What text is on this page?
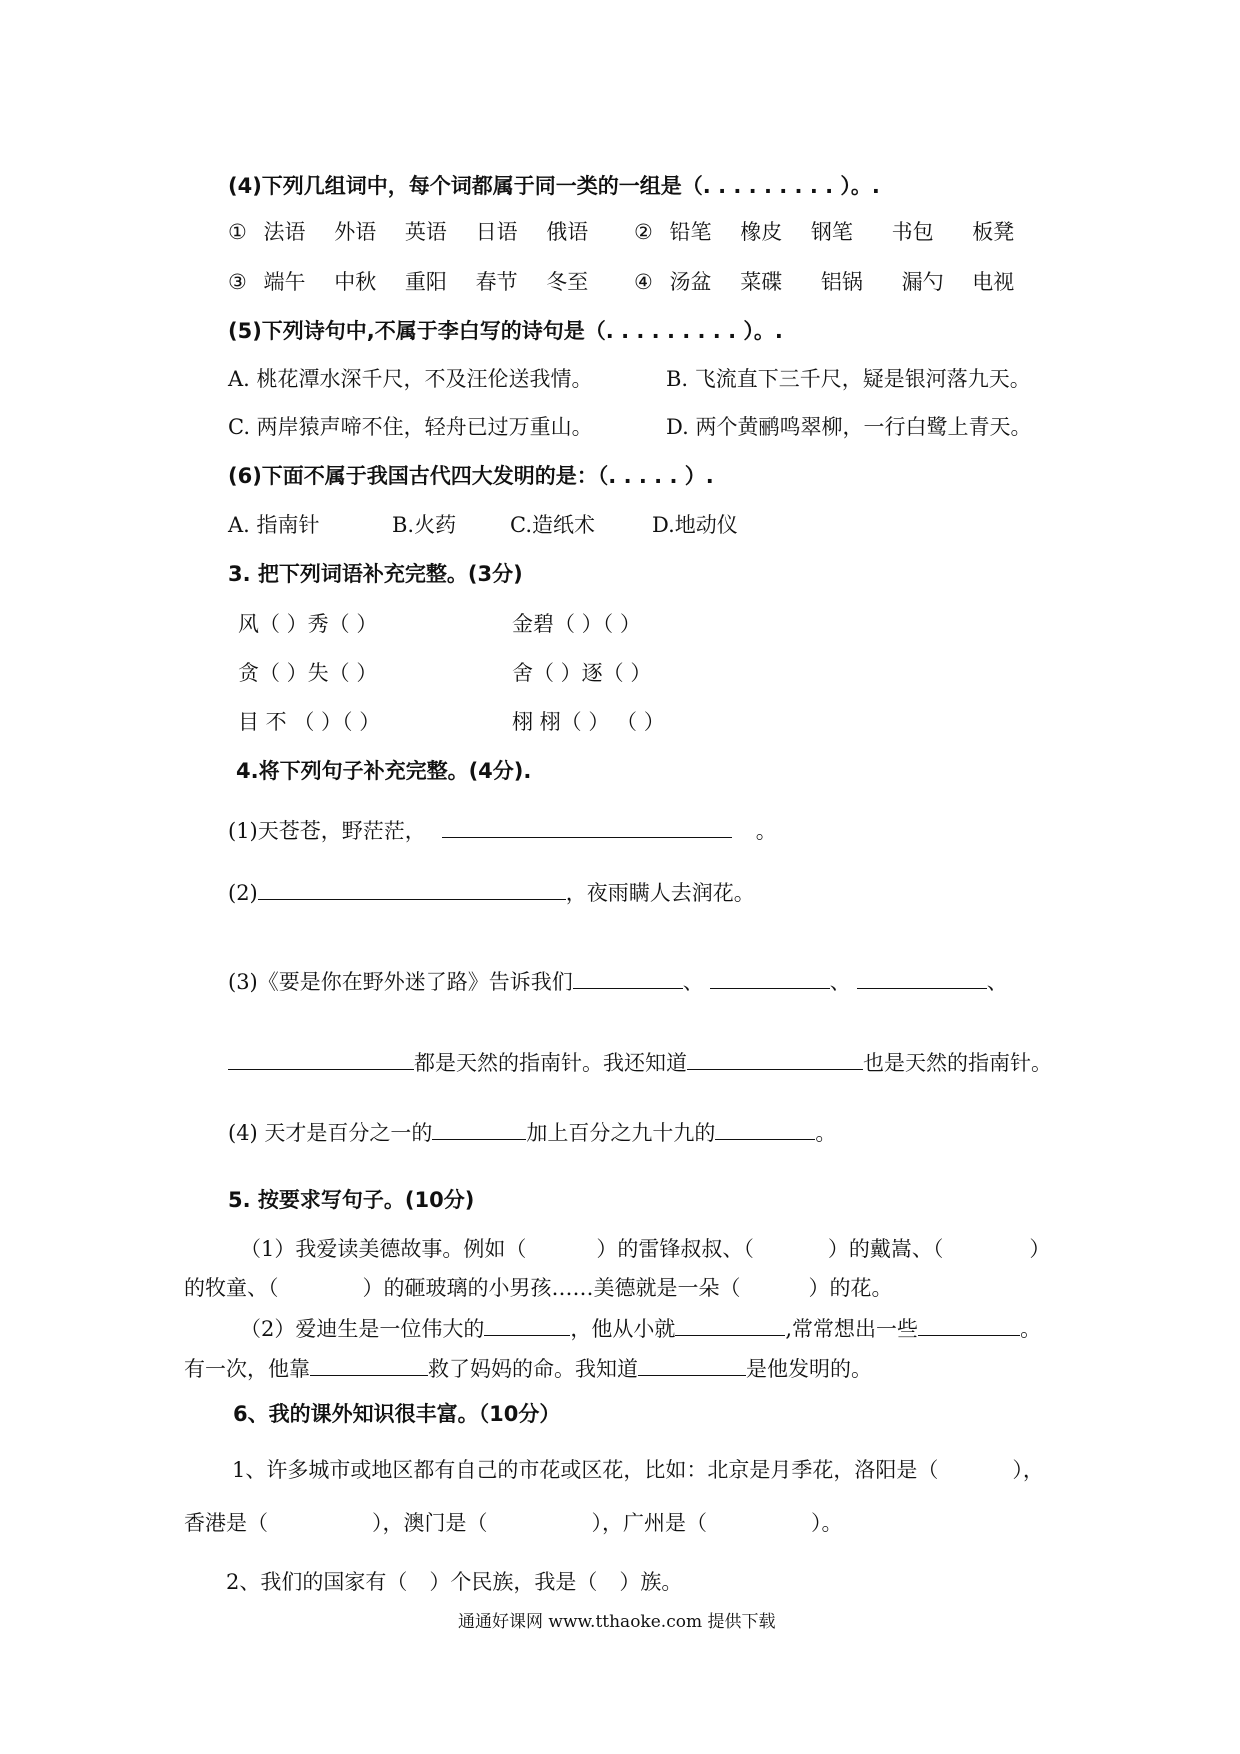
(4)下列几组词中，每个词都属于同一类的一组是（. . . . . . . . . ）。.
① 法语 外语 英语 日语 俄语 ② 铅笔 橡皮 钢笔 书包 板凳
③ 端午 中秋 重阳 春节 冬至 ④ 汤盆 菜碟 铝锅 漏勺 电视
(5)下列诗句中,不属于李白写的诗句是（. . . . . . . . . ）。.
A. 桃花潭水深千尺，不及汪伦送我情。	B. 飞流直下三千尺，疑是银河落九天。
C. 两岸猿声啼不住，轻舟已过万重山。	D. 两个黄鹂鸣翠柳，一行白鹭上青天。
(6)下面不属于我国古代四大发明的是：（. . . . . ）.
A. 指南针	B.火药	C.造纸术	D.地动仪
3. 把下列词语补充完整。(3分)
风（ ）秀（ ）	金碧（ ）（ ）
贪（ ）失（ ）	舍（ ）逐（ ）
目 不 （ ）（ ）	栩 栩（ ） （ ）
4.将下列句子补充完整。(4分).
(1)天苍苍，野茫茫，	。
(2)	，夜雨瞒人去润花。
(3)《要是你在野外迷了路》告诉我们	、	、	、
都是天然的指南针。我还知道	也是天然的指南针。
(4) 天才是百分之一的	加上百分之九十九的	。
5. 按要求写句子。(10分)
（1）我爱读美德故事。例如（	）的雷锋叔叔、（	）的戴嵩、（	）
的牧童、（	）的砸玻璃的小男孩……美德就是一朵（	）的花。
（2）爱迪生是一位伟大的	，他从小就	,常常想出一些	。
有一次，他靠	救了妈妈的命。我知道	是他发明的。
6、我的课外知识很丰富。（10分）
1、许多城市或地区都有自己的市花或区花，比如：北京是月季花，洛阳是（	），
香港是（	），澳门是（	），广州是（	）。
2、我们的国家有（ ）个民族，我是（ ）族。
通通好课网 www.tthaoke.com 提供下载
